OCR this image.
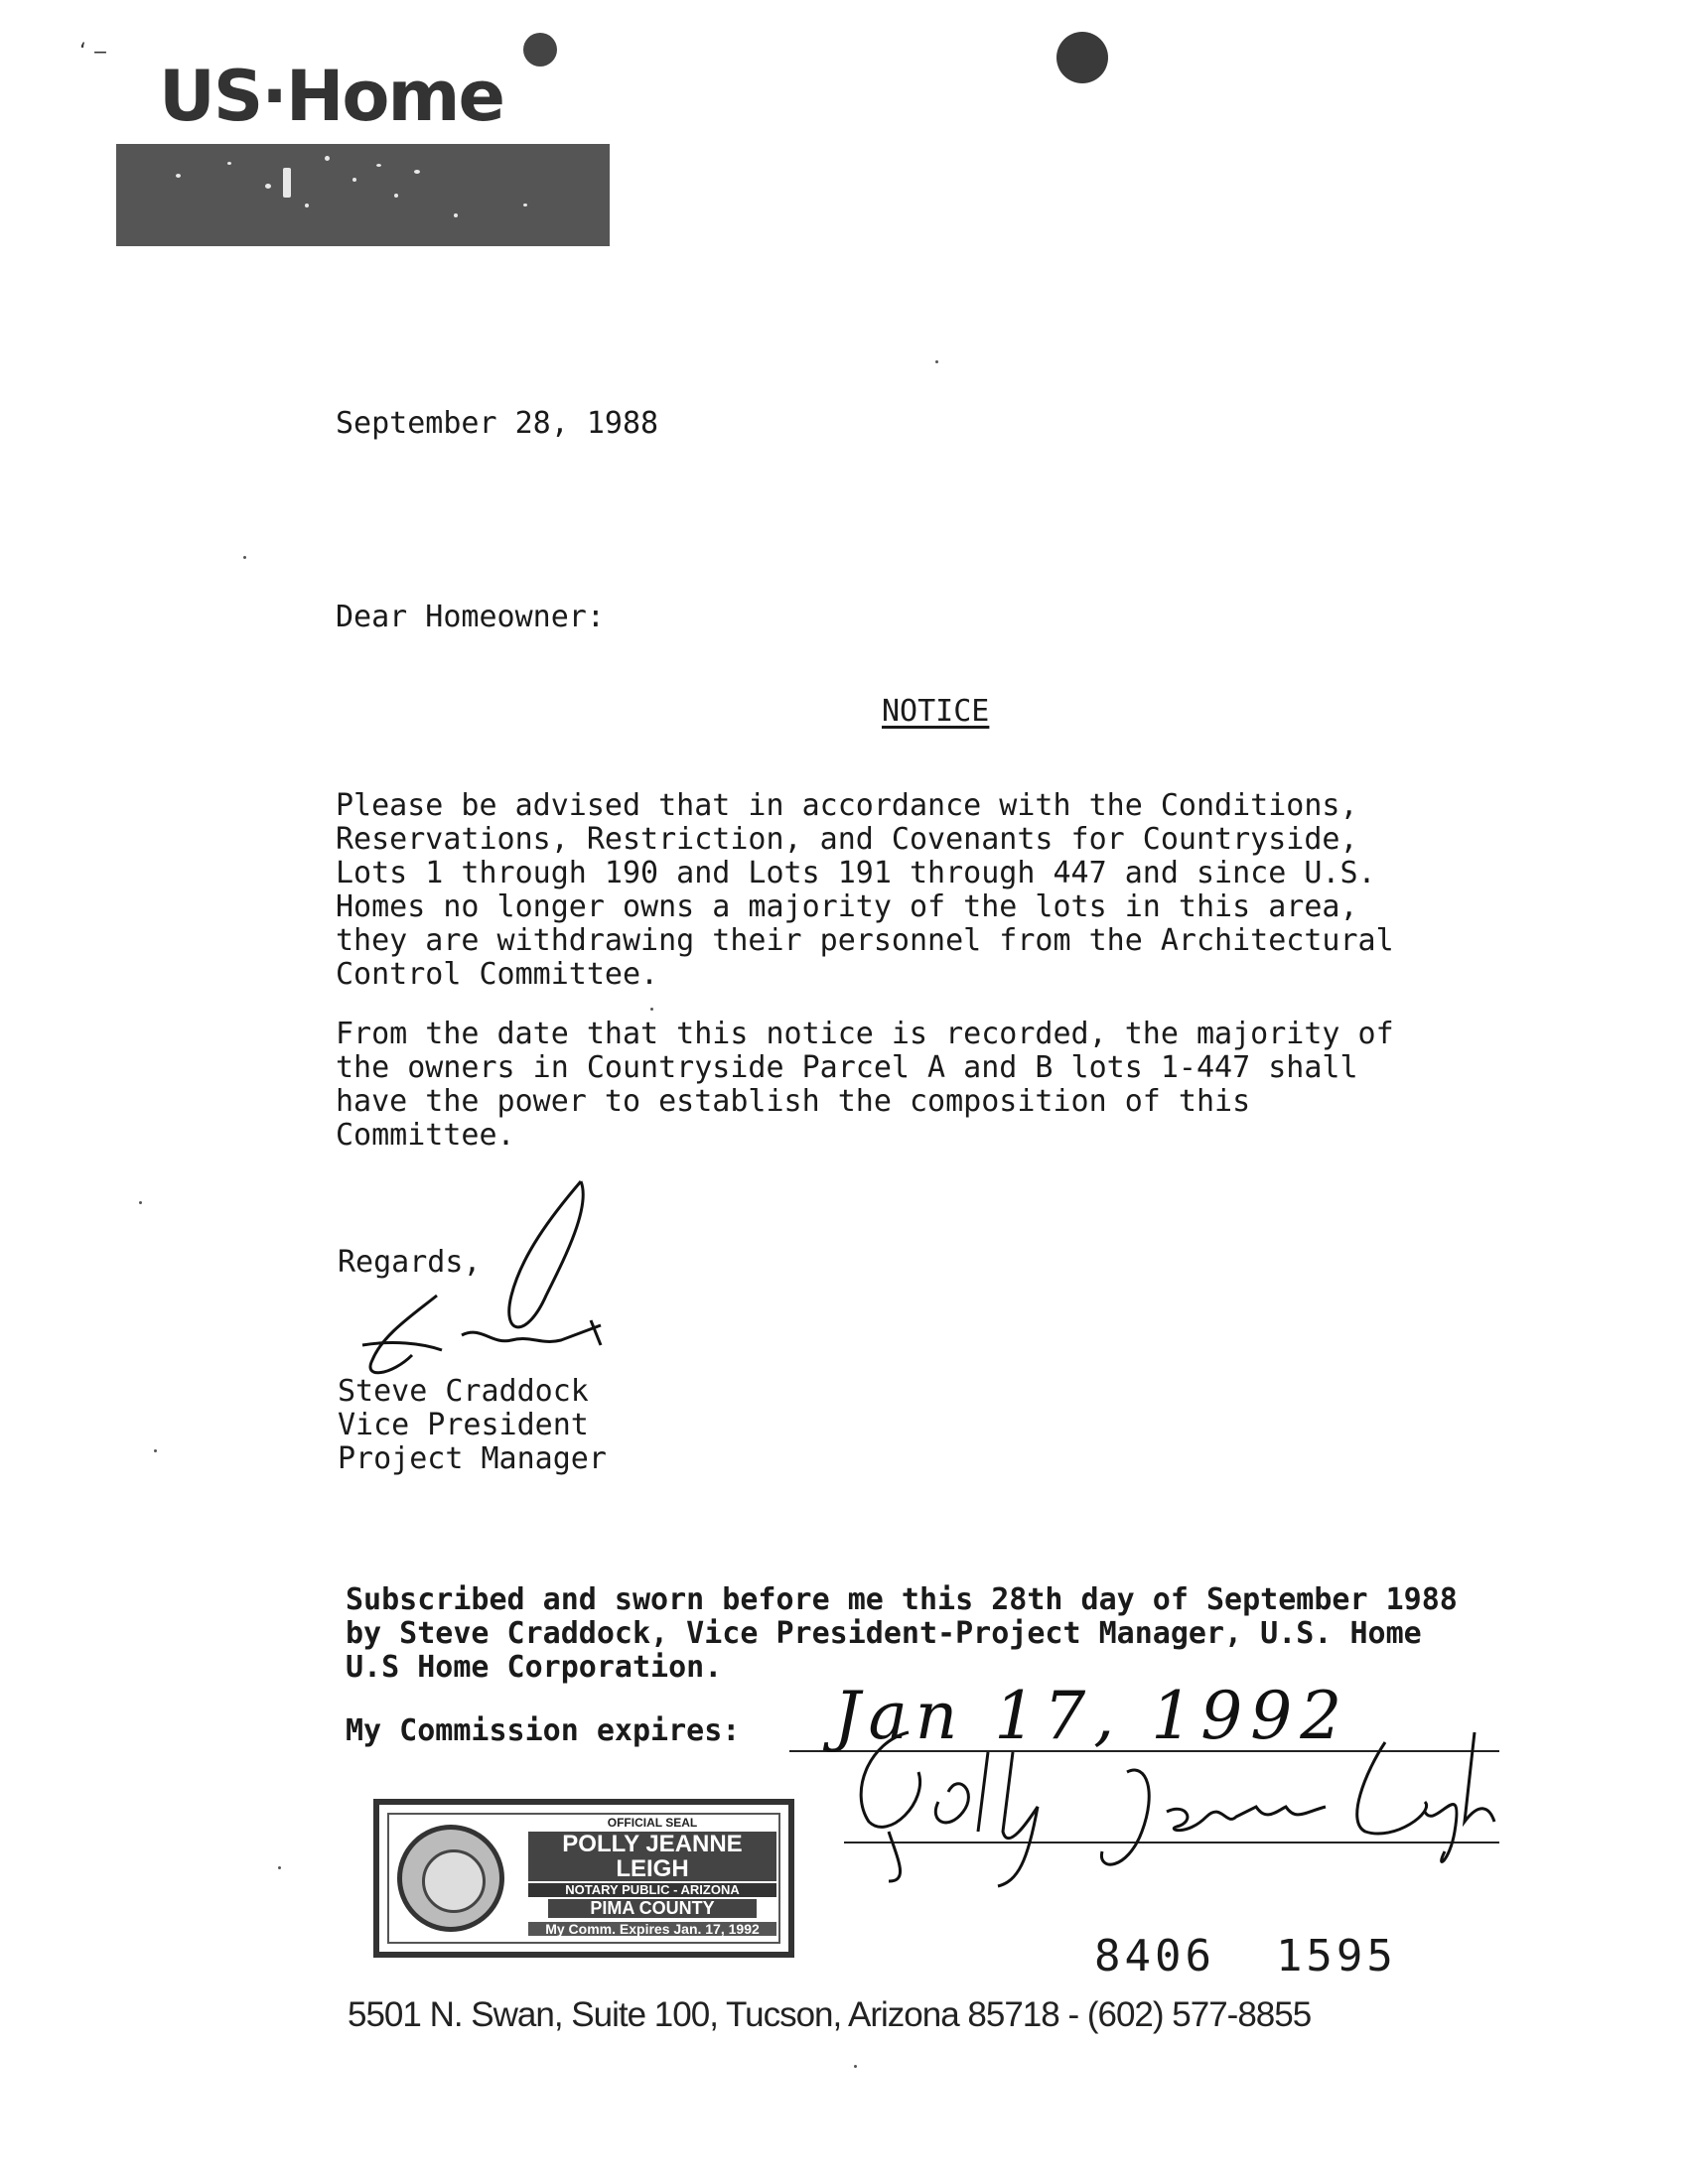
‘ ‒
US·Home
September 28, 1988
Dear Homeowner:
NOTICE
Please be advised that in accordance with the Conditions,
Reservations, Restriction, and Covenants for Countryside,
Lots 1 through 190 and Lots 191 through 447 and since U.S.
Homes no longer owns a majority of the lots in this area,
they are withdrawing their personnel from the Architectural
Control Committee.
From the date that this notice is recorded, the majority of
the owners in Countryside Parcel A and B lots 1-447 shall
have the power to establish the composition of this
Committee.
Regards,
Steve Craddock
Vice President
Project Manager
Subscribed and sworn before me this 28th day of September 1988
by Steve Craddock, Vice President-Project Manager, U.S. Home
U.S Home Corporation.
My Commission expires: Jan 17, 1992
OFFICIAL SEAL
POLLY JEANNE LEIGH
NOTARY PUBLIC - ARIZONA
PIMA COUNTY
My Comm. Expires Jan. 17, 1992
8406  1595
5501 N. Swan, Suite 100, Tucson, Arizona 85718 - (602) 577-8855
